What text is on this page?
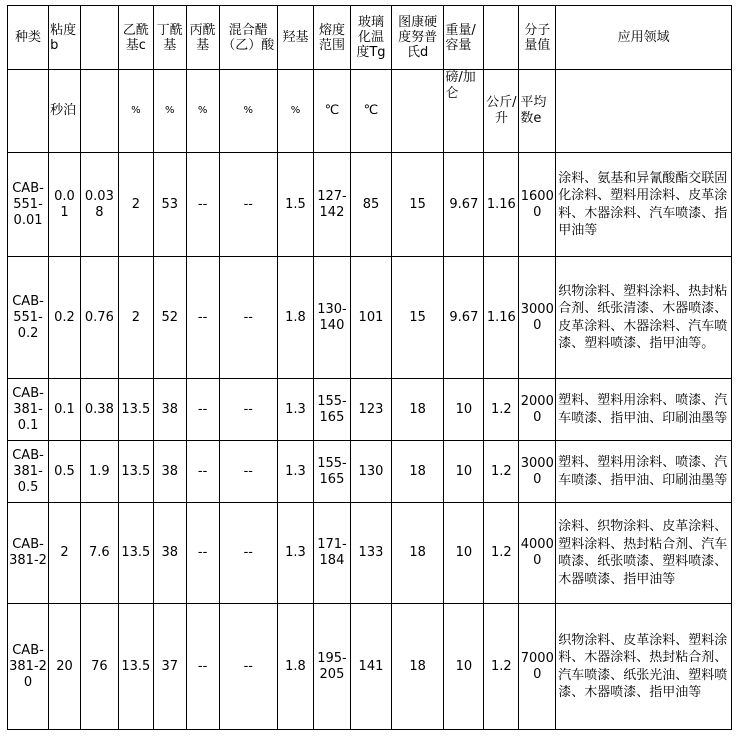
种类	粘度b		乙酰基c	丁酰基	丙酰基	混合醋（乙）酸	羟基	熔度范围	玻璃化温度Tg	图康硬度努普氏d	重量/容量		分子量值	应用领域
	秒泊		%	%	%	%	%	℃	℃		磅/加仑	公斤/升	平均数e	
CAB-551-0.01	0.01	0.038	2	53	--	--	1.5	127-142	85	15	9.67	1.16	16000	涂料、氨基和异氰酸酯交联固化涂料、塑料用涂料、皮革涂料、木器涂料、汽车喷漆、指甲油等
CAB-551-0.2	0.2	0.76	2	52	--	--	1.8	130-140	101	15	9.67	1.16	30000	织物涂料、塑料涂料、热封粘合剂、纸张清漆、木器喷漆、皮革涂料、木器涂料、汽车喷漆、塑料喷漆、指甲油等。
CAB-381-0.1	0.1	0.38	13.5	38	--	--	1.3	155-165	123	18	10	1.2	20000	塑料、塑料用涂料、喷漆、汽车喷漆、指甲油、印刷油墨等
CAB-381-0.5	0.5	1.9	13.5	38	--	--	1.3	155-165	130	18	10	1.2	30000	塑料、塑料用涂料、喷漆、汽车喷漆、指甲油、印刷油墨等
CAB-381-2	2	7.6	13.5	38	--	--	1.3	171-184	133	18	10	1.2	40000	涂料、织物涂料、皮革涂料、塑料涂料、热封粘合剂、汽车喷漆、纸张喷漆、塑料喷漆、木器喷漆、指甲油等
CAB-381-20	20	76	13.5	37	--	--	1.8	195-205	141	18	10	1.2	70000	织物涂料、皮革涂料、塑料涂料、木器涂料、热封粘合剂、汽车喷漆、纸张光油、塑料喷漆、木器喷漆、指甲油等
